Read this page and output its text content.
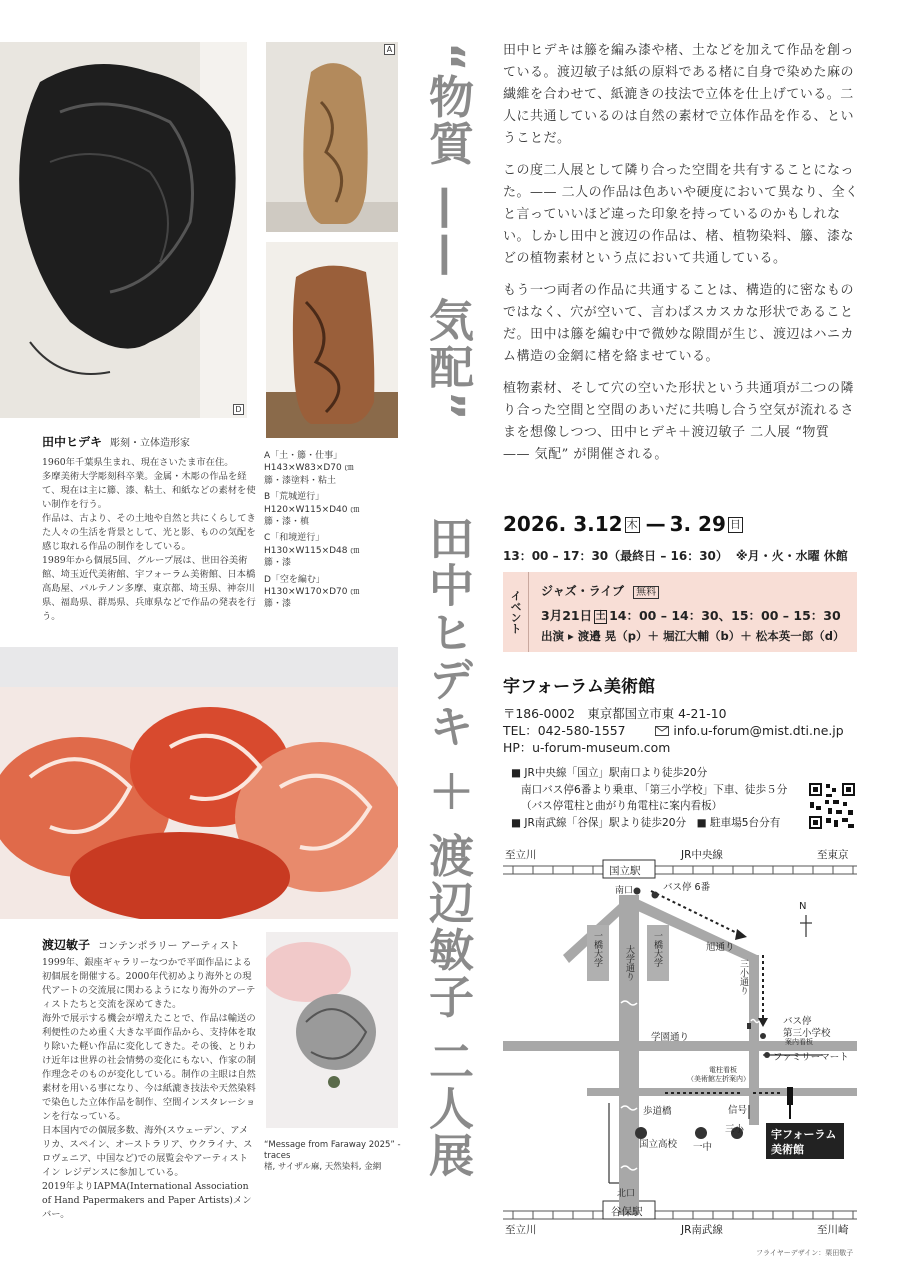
D
A
田中ヒデキ 彫刻・立体造形家

1960年千葉県生まれ、現在さいたま市在住。

多摩美術大学彫刻科卒業。金属・木彫の作品を経て、現在は主に籐、漆、粘土、和紙などの素材を使い制作を行う。

作品は、古より、その土地や自然と共にくらしてきた人々の生活を背景として、光と影、ものの気配を感じ取れる作品の制作をしている。

1989年から個展5回、グループ展は、世田谷美術館、埼玉近代美術館、宇フォーラム美術館、日本橋高島屋、パルテノン多摩、東京都、埼玉県、神奈川県、福島県、群馬県、兵庫県などで作品の発表を行う。

A「土・籐・仕事」
H143×W83×D70 ㎝
籐・漆塗料・粘土
B「荒城逆行」
H120×W115×D40 ㎝
籐・漆・槙
C「和境逆行」
H130×W115×D48 ㎝
籐・漆
D「空を編む」
H130×W170×D70 ㎝
籐・漆
渡辺敏子 コンテンポラリー アーティスト

1999年、銀座ギャラリーなつかで平面作品による初個展を開催する。2000年代初めより海外との現代アートの交流展に関わるようになり海外のアーティストたちと交流を深めてきた。

海外で展示する機会が増えたことで、作品は輸送の利便性のため重く大きな平面作品から、支持体を取り除いた軽い作品に変化してきた。その後、とりわけ近年は世界の社会情勢の変化にもない、作家の制作理念そのものが変化している。制作の主眼は自然素材を用いる事になり、今は紙漉き技法や天然染料で染色した立体作品を制作、空間インスタレーションを行なっている。

日本国内での個展多数、海外(スウェーデン、アメリカ、スペイン、オーストラリア、ウクライナ、スロヴェニア、中国など)での展覧会やアーティスト イン レジデンスに参加している。

2019年よりIAPMA(International Association of Hand Papermakers and Paper Artists)メンバー。

“Message from Faraway 2025” - traces
楮, サイザル麻, 天然染料, 金網
“物質 —— 気配”
田中ヒデキ ＋ 渡辺敏子 二人展

田中ヒデキは籐を編み漆や楮、土などを加えて作品を創っている。渡辺敏子は紙の原料である楮に自身で染めた麻の繊維を合わせて、紙漉きの技法で立体を仕上げている。二人に共通しているのは自然の素材で立体作品を作る、ということだ。

この度二人展として隣り合った空間を共有することになった。—— 二人の作品は色あいや硬度において異なり、全くと言っていいほど違った印象を持っているのかもしれない。しかし田中と渡辺の作品は、楮、植物染料、籐、漆などの植物素材という点において共通している。

もう一つ両者の作品に共通することは、構造的に密なものではなく、穴が空いて、言わばスカスカな形状であることだ。田中は籐を編む中で微妙な隙間が生じ、渡辺はハニカム構造の金網に楮を絡ませている。

植物素材、そして穴の空いた形状という共通項が二つの隣り合った空間と空間のあいだに共鳴し合う空気が流れるさまを想像しつつ、田中ヒデキ＋渡辺敏子 二人展 “物質 —— 気配” が開催される。

2026. 3.12 木 — 3. 29 日
13：00 – 17：30（最終日 – 16：30） ※月・火・水曜 休館
イベント	ジャズ・ライブ 無料
3月21日 土 14：00 – 14：30、15：00 – 15：30
出演 ▸ 渡邉 晃（p）＋ 堀江大輔（b）＋ 松本英一郎（d）
宇フォーラム美術館
〒186-0002　東京都国立市東 4-21-10
TEL：042-580-1557	info.u-forum@mist.dti.ne.jp
HP：u-forum-museum.com
■ JR中央線「国立」駅南口より徒歩20分
南口バス停6番より乗車、「第三小学校」下車、徒歩５分
（バス停電柱と曲がり角電柱に案内看板）
■ JR南武線「谷保」駅より徒歩20分　■ 駐車場5台分有
至立川	JR中央線	至東京
国立駅
南口	バス停 6番
N
一橋大学	一橋大学
大学通り	旭通り
三小通り
バス停
第三小学校
案内看板
学園通り
ファミリーマート
電柱看板
（美術館左折案内）
信号
歩道橋
国立高校 一中
三小 宇フォーラム
美術館
北口
谷保駅
至立川	JR南武線	至川崎
フライヤーデザイン：栗田敬子
